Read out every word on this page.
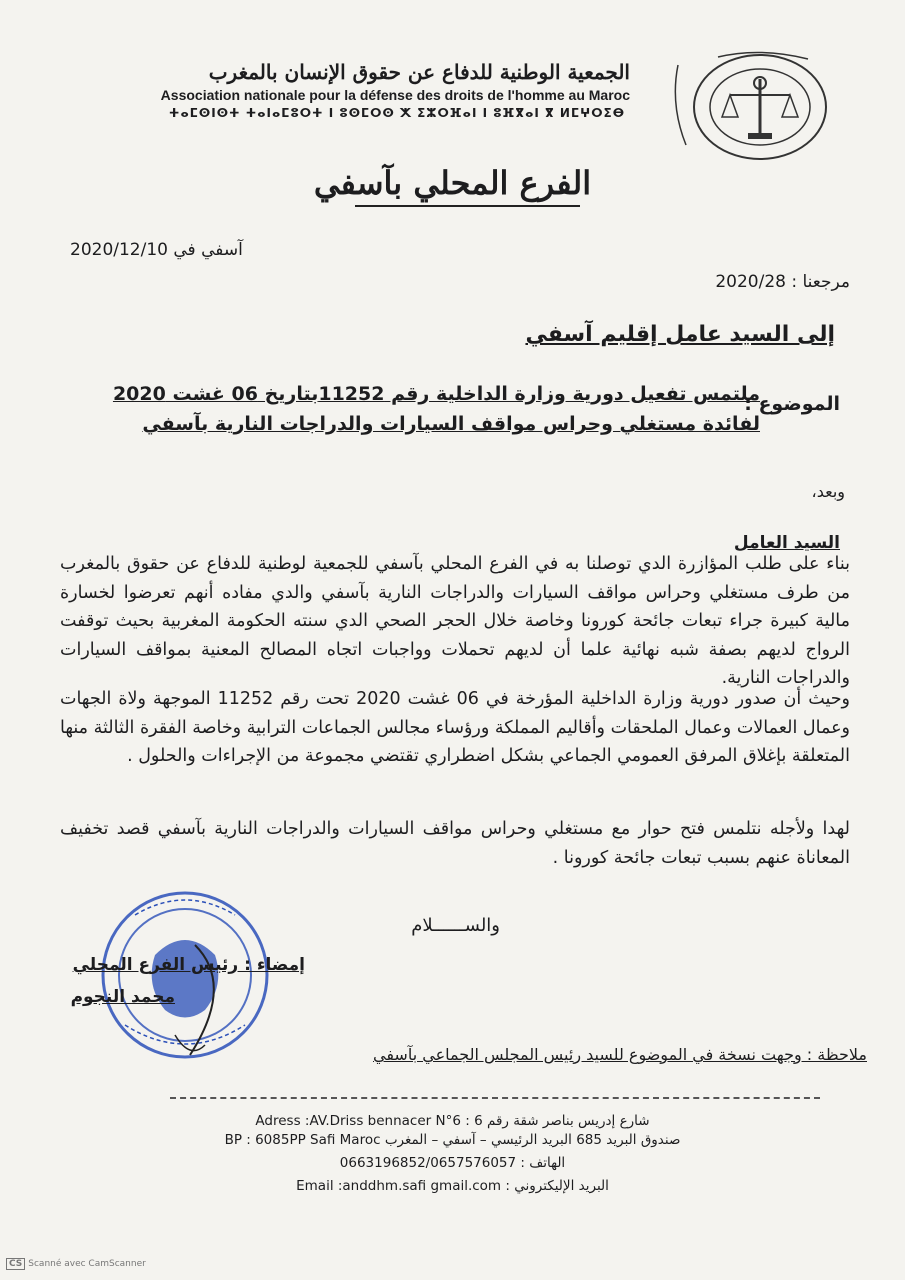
الجمعية الوطنية للدفاع عن حقوق الإنسان بالمغرب
Association nationale pour la défense des droits de l'homme au Maroc
ⵜⴰⵎⵙⵏⵙⵜ ⵜⴰⵏⴰⵎⵓⵔⵜ ⵏ ⵓⵙⵎⵔⵙ ⵅ ⵉⵣⵔⴼⴰⵏ ⵏ ⵓⴼⴳⴰⵏ ⴳ ⵍⵎⵖⵔⵉⴱ
الفرع المحلي بآسفي
آسفي في 2020/12/10
مرجعنا : 2020/28
إلى السيد عامل إقليم آسفي
الموضوع :
ملتمس تفعيل دورية وزارة الداخلية رقم 11252بتاريخ 06 غشت 2020
لفائدة مستغلي وحراس مواقف السيارات والدراجات النارية بآسفي
وبعد،
السيد العامل
بناء على طلب المؤازرة الدي توصلنا به في الفرع المحلي بآسفي للجمعية لوطنية للدفاع عن حقوق بالمغرب من طرف مستغلي وحراس مواقف السيارات والدراجات النارية بآسفي والدي مفاده أنهم تعرضوا لخسارة مالية كبيرة جراء تبعات جائحة كورونا وخاصة خلال الحجر الصحي الدي سنته الحكومة المغربية بحيث توقفت الرواج لديهم بصفة شبه نهائية علما أن لديهم تحملات وواجبات اتجاه المصالح المعنية بمواقف السيارات والدراجات النارية.
وحيث أن صدور دورية وزارة الداخلية المؤرخة في 06 غشت 2020 تحت رقم 11252 الموجهة ولاة الجهات وعمال العمالات وعمال الملحقات وأقاليم المملكة ورؤساء مجالس الجماعات الترابية وخاصة الفقرة الثالثة منها المتعلقة بإغلاق المرفق العمومي الجماعي بشكل اضطراري تقتضي مجموعة من الإجراءات والحلول .
لهدا ولأجله نتلمس فتح حوار مع مستغلي وحراس مواقف السيارات والدراجات النارية بآسفي قصد تخفيف المعاناة عنهم بسبب تبعات جائحة كورونا .
والســــــلام
إمضاء : رئيس الفرع المحلي
محمد النجوم
ملاحظة : وجهت نسخة في الموضوع للسيد رئيس المجلس الجماعي بآسفي
Adress :AV.Driss bennacer N°6 : شارع إدريس بناصر شقة رقم 6
BP : 6085PP Safi Maroc صندوق البريد 685 البريد الرئيسي – آسفي – المغرب
الهاتف : 0663196852/0657576057
Email :anddhm.safi gmail.com : البريد الإليكتروني
CS Scanné avec CamScanner
